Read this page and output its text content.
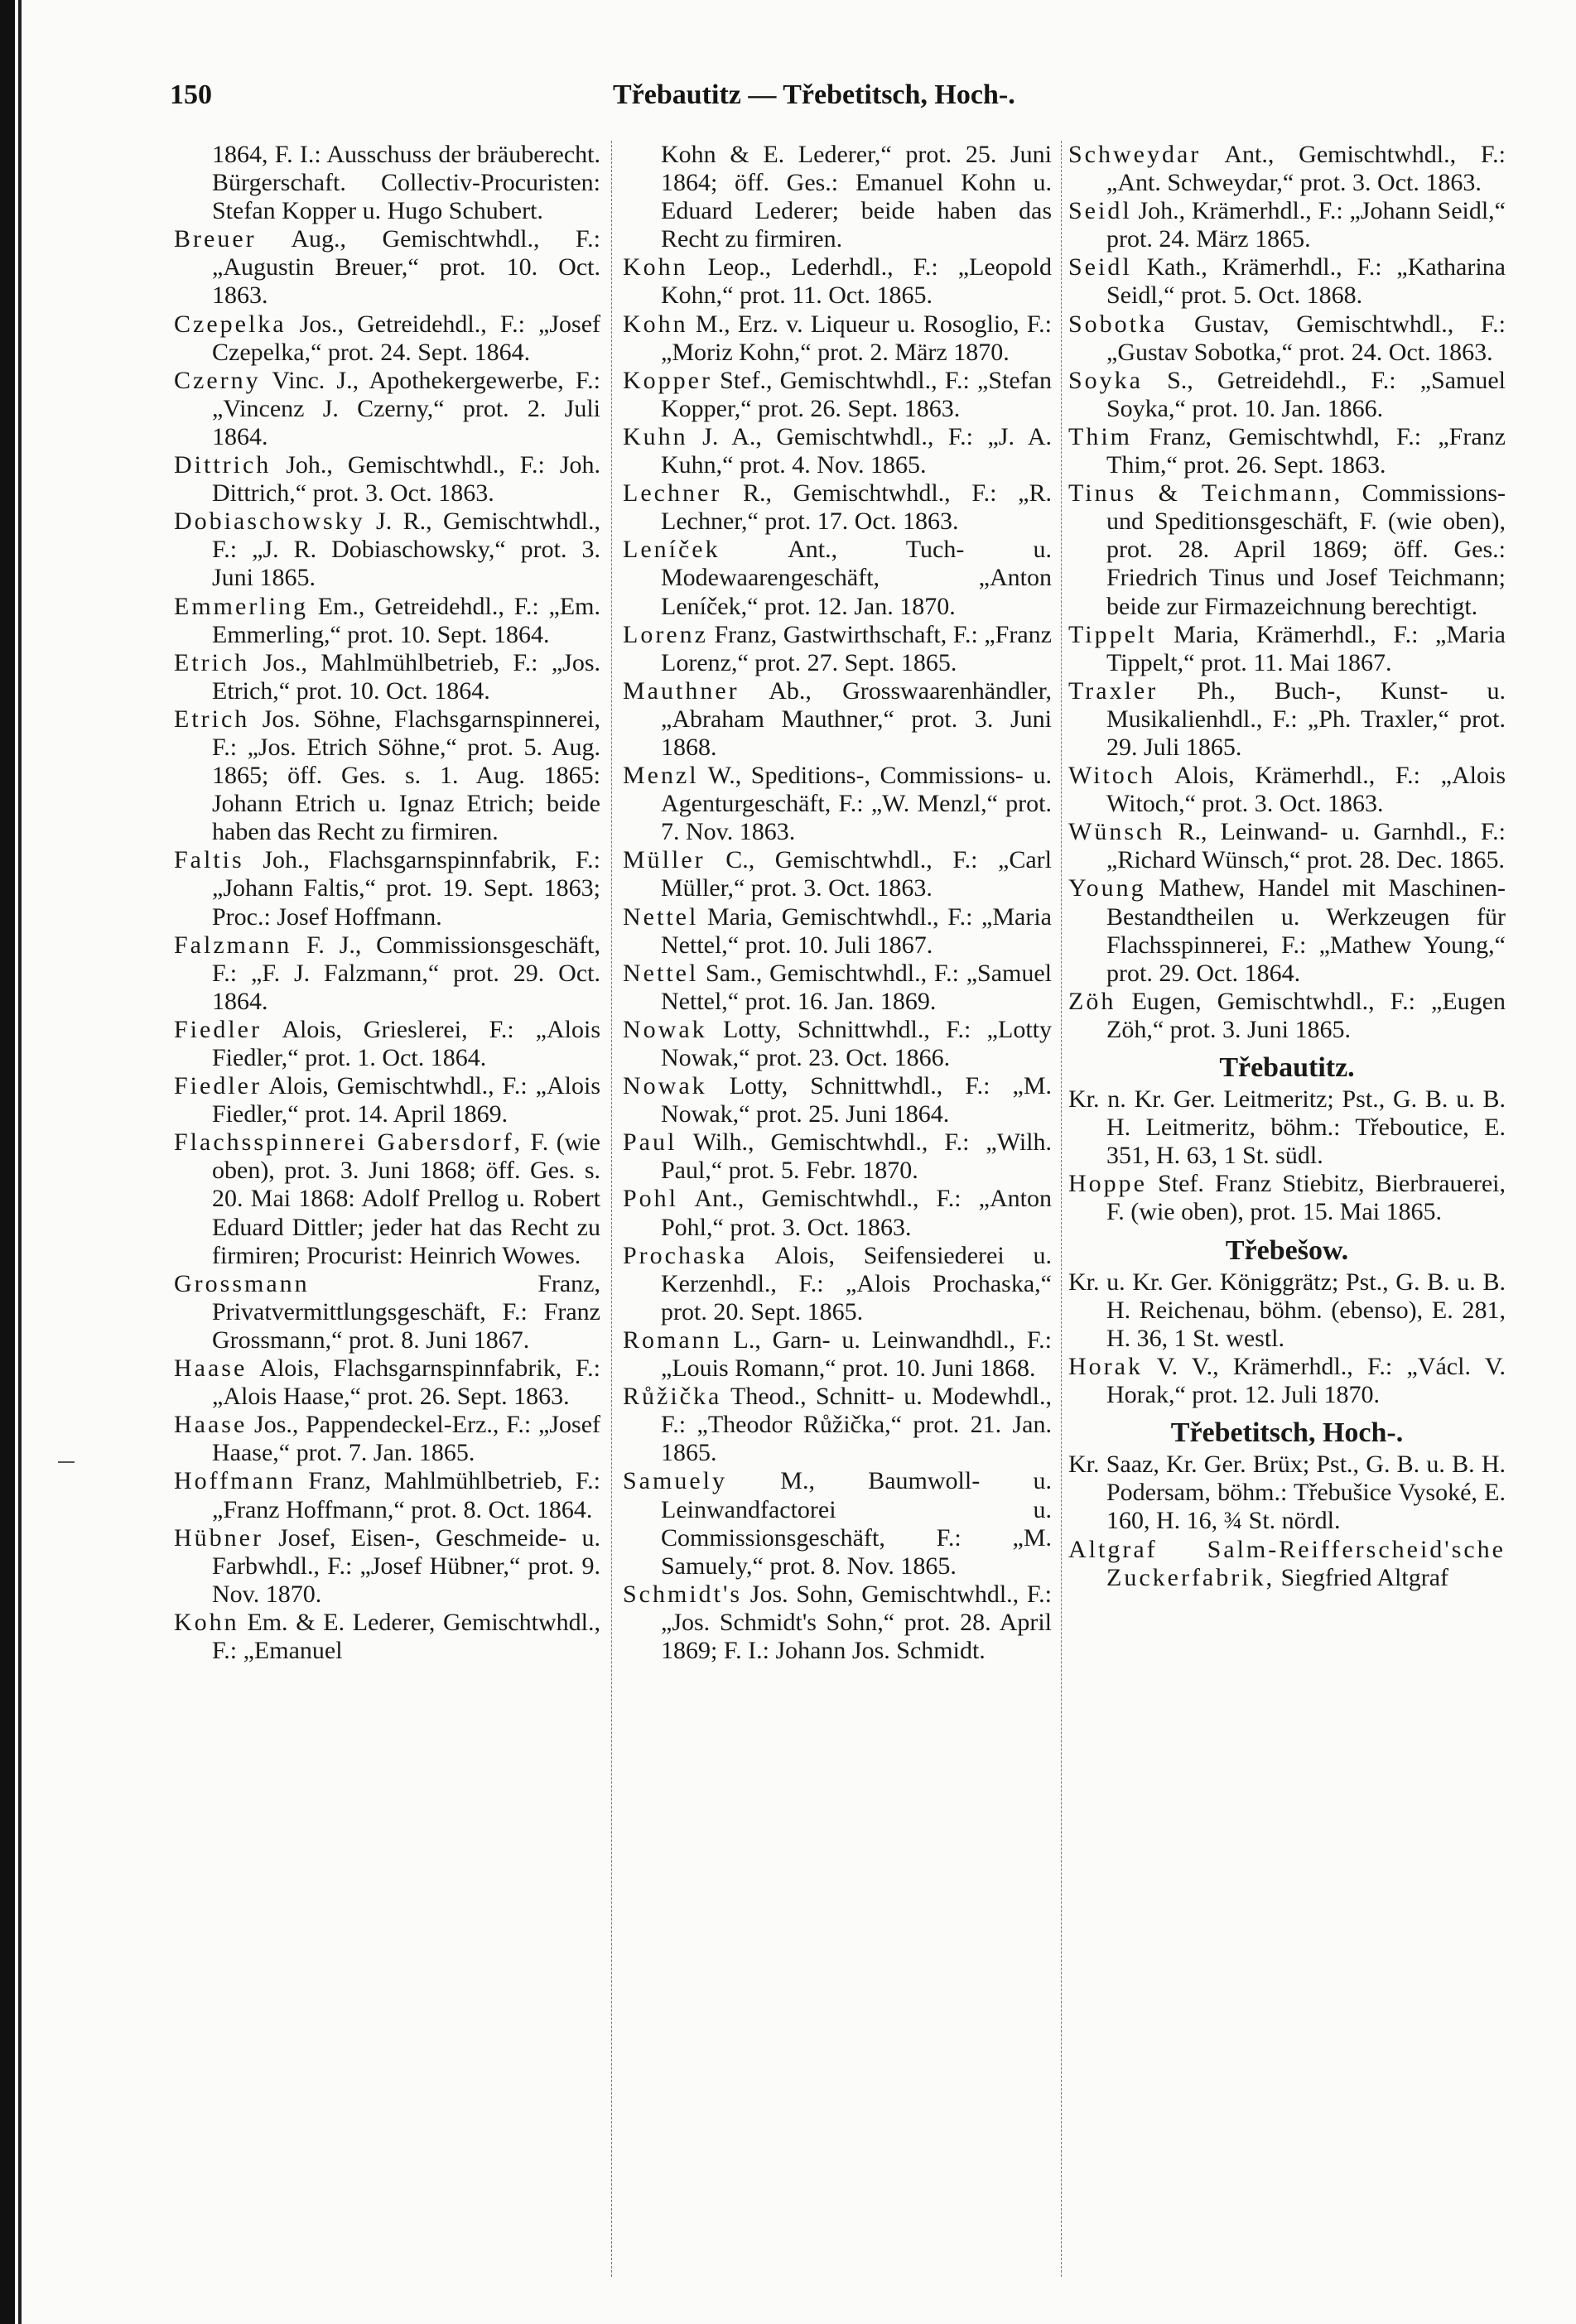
150	Třebautitz — Třebetitsch, Hoch-.

1864, F. I.: Ausschuss der bräuberecht. Bürgerschaft. Collectiv-Procuristen: Stefan Kopper u. Hugo Schubert.

Breuer Aug., Gemischtwhdl., F.: „Augustin Breuer,“ prot. 10. Oct. 1863.

Czepelka Jos., Getreidehdl., F.: „Josef Czepelka,“ prot. 24. Sept. 1864.

Czerny Vinc. J., Apothekergewerbe, F.: „Vincenz J. Czerny,“ prot. 2. Juli 1864.

Dittrich Joh., Gemischtwhdl., F.: Joh. Dittrich,“ prot. 3. Oct. 1863.

Dobiaschowsky J. R., Gemischtwhdl., F.: „J. R. Dobiaschowsky,“ prot. 3. Juni 1865.

Emmerling Em., Getreidehdl., F.: „Em. Emmerling,“ prot. 10. Sept. 1864.

Etrich Jos., Mahlmühlbetrieb, F.: „Jos. Etrich,“ prot. 10. Oct. 1864.

Etrich Jos. Söhne, Flachsgarnspinnerei, F.: „Jos. Etrich Söhne,“ prot. 5. Aug. 1865; öff. Ges. s. 1. Aug. 1865: Johann Etrich u. Ignaz Etrich; beide haben das Recht zu firmiren.

Faltis Joh., Flachsgarnspinnfabrik, F.: „Johann Faltis,“ prot. 19. Sept. 1863; Proc.: Josef Hoffmann.

Falzmann F. J., Commissionsgeschäft, F.: „F. J. Falzmann,“ prot. 29. Oct. 1864.

Fiedler Alois, Grieslerei, F.: „Alois Fiedler,“ prot. 1. Oct. 1864.

Fiedler Alois, Gemischtwhdl., F.: „Alois Fiedler,“ prot. 14. April 1869.

Flachsspinnerei Gabersdorf, F. (wie oben), prot. 3. Juni 1868; öff. Ges. s. 20. Mai 1868: Adolf Prellog u. Robert Eduard Dittler; jeder hat das Recht zu firmiren; Procurist: Heinrich Wowes.

Grossmann Franz, Privatvermittlungsgeschäft, F.: Franz Grossmann,“ prot. 8. Juni 1867.

Haase Alois, Flachsgarnspinnfabrik, F.: „Alois Haase,“ prot. 26. Sept. 1863.

Haase Jos., Pappendeckel-Erz., F.: „Josef Haase,“ prot. 7. Jan. 1865.

Hoffmann Franz, Mahlmühlbetrieb, F.: „Franz Hoffmann,“ prot. 8. Oct. 1864.

Hübner Josef, Eisen-, Geschmeide- u. Farbwhdl., F.: „Josef Hübner,“ prot. 9. Nov. 1870.

Kohn Em. & E. Lederer, Gemischtwhdl., F.: „Emanuel

Kohn & E. Lederer,“ prot. 25. Juni 1864; öff. Ges.: Emanuel Kohn u. Eduard Lederer; beide haben das Recht zu firmiren.

Kohn Leop., Lederhdl., F.: „Leopold Kohn,“ prot. 11. Oct. 1865.

Kohn M., Erz. v. Liqueur u. Rosoglio, F.: „Moriz Kohn,“ prot. 2. März 1870.

Kopper Stef., Gemischtwhdl., F.: „Stefan Kopper,“ prot. 26. Sept. 1863.

Kuhn J. A., Gemischtwhdl., F.: „J. A. Kuhn,“ prot. 4. Nov. 1865.

Lechner R., Gemischtwhdl., F.: „R. Lechner,“ prot. 17. Oct. 1863.

Leníček Ant., Tuch- u. Modewaarengeschäft, „Anton Leníček,“ prot. 12. Jan. 1870.

Lorenz Franz, Gastwirthschaft, F.: „Franz Lorenz,“ prot. 27. Sept. 1865.

Mauthner Ab., Grosswaarenhändler, „Abraham Mauthner,“ prot. 3. Juni 1868.

Menzl W., Speditions-, Commissions- u. Agenturgeschäft, F.: „W. Menzl,“ prot. 7. Nov. 1863.

Müller C., Gemischtwhdl., F.: „Carl Müller,“ prot. 3. Oct. 1863.

Nettel Maria, Gemischtwhdl., F.: „Maria Nettel,“ prot. 10. Juli 1867.

Nettel Sam., Gemischtwhdl., F.: „Samuel Nettel,“ prot. 16. Jan. 1869.

Nowak Lotty, Schnittwhdl., F.: „Lotty Nowak,“ prot. 23. Oct. 1866.

Nowak Lotty, Schnittwhdl., F.: „M. Nowak,“ prot. 25. Juni 1864.

Paul Wilh., Gemischtwhdl., F.: „Wilh. Paul,“ prot. 5. Febr. 1870.

Pohl Ant., Gemischtwhdl., F.: „Anton Pohl,“ prot. 3. Oct. 1863.

Prochaska Alois, Seifensiederei u. Kerzenhdl., F.: „Alois Prochaska,“ prot. 20. Sept. 1865.

Romann L., Garn- u. Leinwandhdl., F.: „Louis Romann,“ prot. 10. Juni 1868.

Růžička Theod., Schnitt- u. Modewhdl., F.: „Theodor Růžička,“ prot. 21. Jan. 1865.

Samuely M., Baumwoll- u. Leinwandfactorei u. Commissionsgeschäft, F.: „M. Samuely,“ prot. 8. Nov. 1865.

Schmidt's Jos. Sohn, Gemischtwhdl., F.: „Jos. Schmidt's Sohn,“ prot. 28. April 1869; F. I.: Johann Jos. Schmidt.

Schweydar Ant., Gemischtwhdl., F.: „Ant. Schweydar,“ prot. 3. Oct. 1863.

Seidl Joh., Krämerhdl., F.: „Johann Seidl,“ prot. 24. März 1865.

Seidl Kath., Krämerhdl., F.: „Katharina Seidl,“ prot. 5. Oct. 1868.

Sobotka Gustav, Gemischtwhdl., F.: „Gustav Sobotka,“ prot. 24. Oct. 1863.

Soyka S., Getreidehdl., F.: „Samuel Soyka,“ prot. 10. Jan. 1866.

Thim Franz, Gemischtwhdl, F.: „Franz Thim,“ prot. 26. Sept. 1863.

Tinus & Teichmann, Commissions- und Speditionsgeschäft, F. (wie oben), prot. 28. April 1869; öff. Ges.: Friedrich Tinus und Josef Teichmann; beide zur Firmazeichnung berechtigt.

Tippelt Maria, Krämerhdl., F.: „Maria Tippelt,“ prot. 11. Mai 1867.

Traxler Ph., Buch-, Kunst- u. Musikalienhdl., F.: „Ph. Traxler,“ prot. 29. Juli 1865.

Witoch Alois, Krämerhdl., F.: „Alois Witoch,“ prot. 3. Oct. 1863.

Wünsch R., Leinwand- u. Garnhdl., F.: „Richard Wünsch,“ prot. 28. Dec. 1865.

Young Mathew, Handel mit Maschinen-Bestandtheilen u. Werkzeugen für Flachsspinnerei, F.: „Mathew Young,“ prot. 29. Oct. 1864.

Zöh Eugen, Gemischtwhdl., F.: „Eugen Zöh,“ prot. 3. Juni 1865.

Třebautitz.

Kr. n. Kr. Ger. Leitmeritz; Pst., G. B. u. B. H. Leitmeritz, böhm.: Třeboutice, E. 351, H. 63, 1 St. südl.

Hoppe Stef. Franz Stiebitz, Bierbrauerei, F. (wie oben), prot. 15. Mai 1865.

Třebešow.

Kr. u. Kr. Ger. Königgrätz; Pst., G. B. u. B. H. Reichenau, böhm. (ebenso), E. 281, H. 36, 1 St. westl.

Horak V. V., Krämerhdl., F.: „Václ. V. Horak,“ prot. 12. Juli 1870.

Třebetitsch, Hoch-.

Kr. Saaz, Kr. Ger. Brüx; Pst., G. B. u. B. H. Podersam, böhm.: Třebušice Vysoké, E. 160, H. 16, ¾ St. nördl.

Altgraf Salm-Reifferscheid'sche Zuckerfabrik, Siegfried Altgraf
